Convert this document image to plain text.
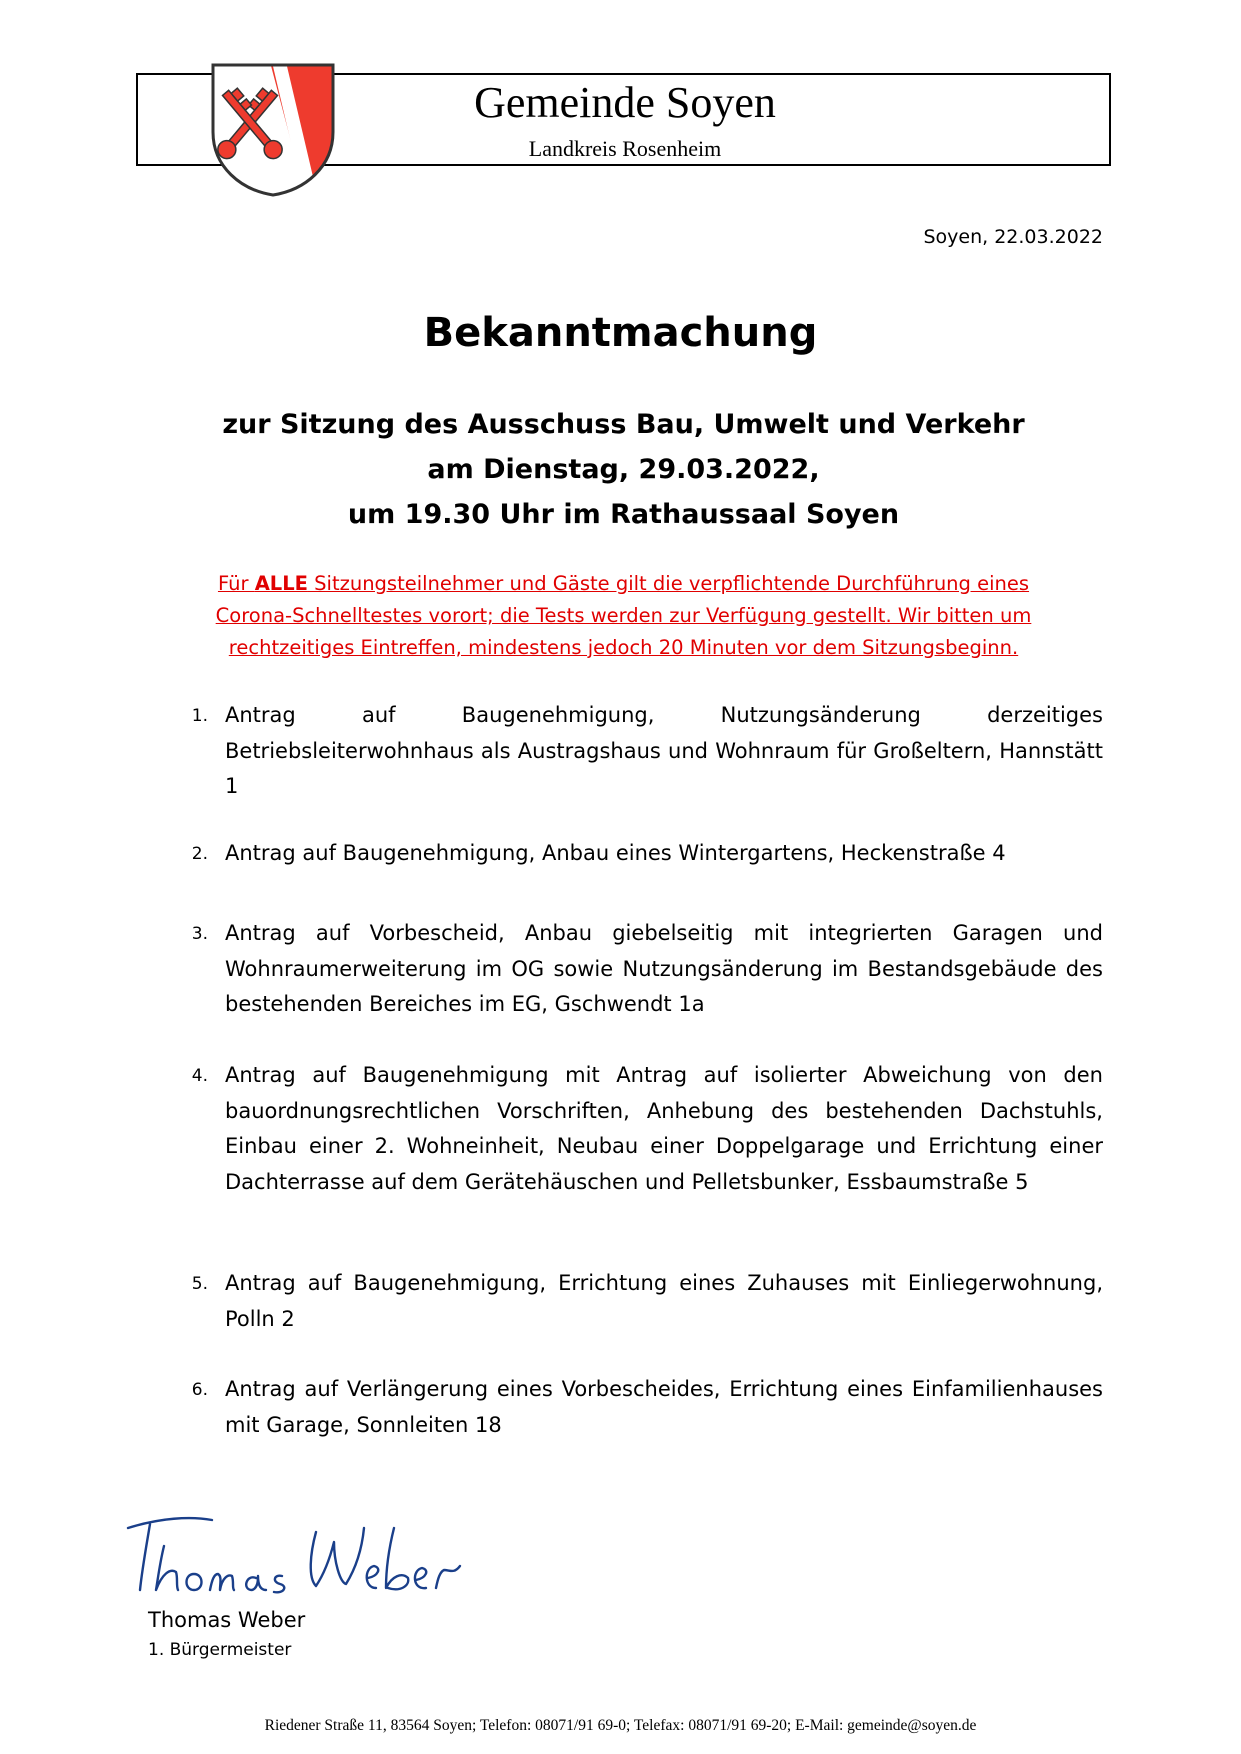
Gemeinde Soyen
Landkreis Rosenheim
Soyen, 22.03.2022
Bekanntmachung
zur Sitzung des Ausschuss Bau, Umwelt und Verkehr
am Dienstag, 29.03.2022,
um 19.30 Uhr im Rathaussaal Soyen
Für ALLE Sitzungsteilnehmer und Gäste gilt die verpflichtende Durchführung eines
Corona-Schnelltestes vorort; die Tests werden zur Verfügung gestellt. Wir bitten um
rechtzeitiges Eintreffen, mindestens jedoch 20 Minuten vor dem Sitzungsbeginn.
1. Antrag auf Baugenehmigung, Nutzungsänderung derzeitiges Betriebsleiterwohnhaus als Austragshaus und Wohnraum für Großeltern, Hannstätt 1
2. Antrag auf Baugenehmigung, Anbau eines Wintergartens, Heckenstraße 4
3. Antrag auf Vorbescheid, Anbau giebelseitig mit integrierten Garagen und Wohnraumerweiterung im OG sowie Nutzungsänderung im Bestandsgebäude des bestehenden Bereiches im EG, Gschwendt 1a
4. Antrag auf Baugenehmigung mit Antrag auf isolierter Abweichung von den bauordnungsrechtlichen Vorschriften, Anhebung des bestehenden Dachstuhls, Einbau einer 2. Wohneinheit, Neubau einer Doppelgarage und Errichtung einer Dachterrasse auf dem Gerätehäuschen und Pelletsbunker, Essbaumstraße 5
5. Antrag auf Baugenehmigung, Errichtung eines Zuhauses mit Einliegerwohnung, Polln 2
6. Antrag auf Verlängerung eines Vorbescheides, Errichtung eines Einfamilienhauses mit Garage, Sonnleiten 18
Thomas Weber
1. Bürgermeister
Riedener Straße 11, 83564 Soyen; Telefon: 08071/91 69-0; Telefax: 08071/91 69-20; E-Mail: gemeinde@soyen.de
